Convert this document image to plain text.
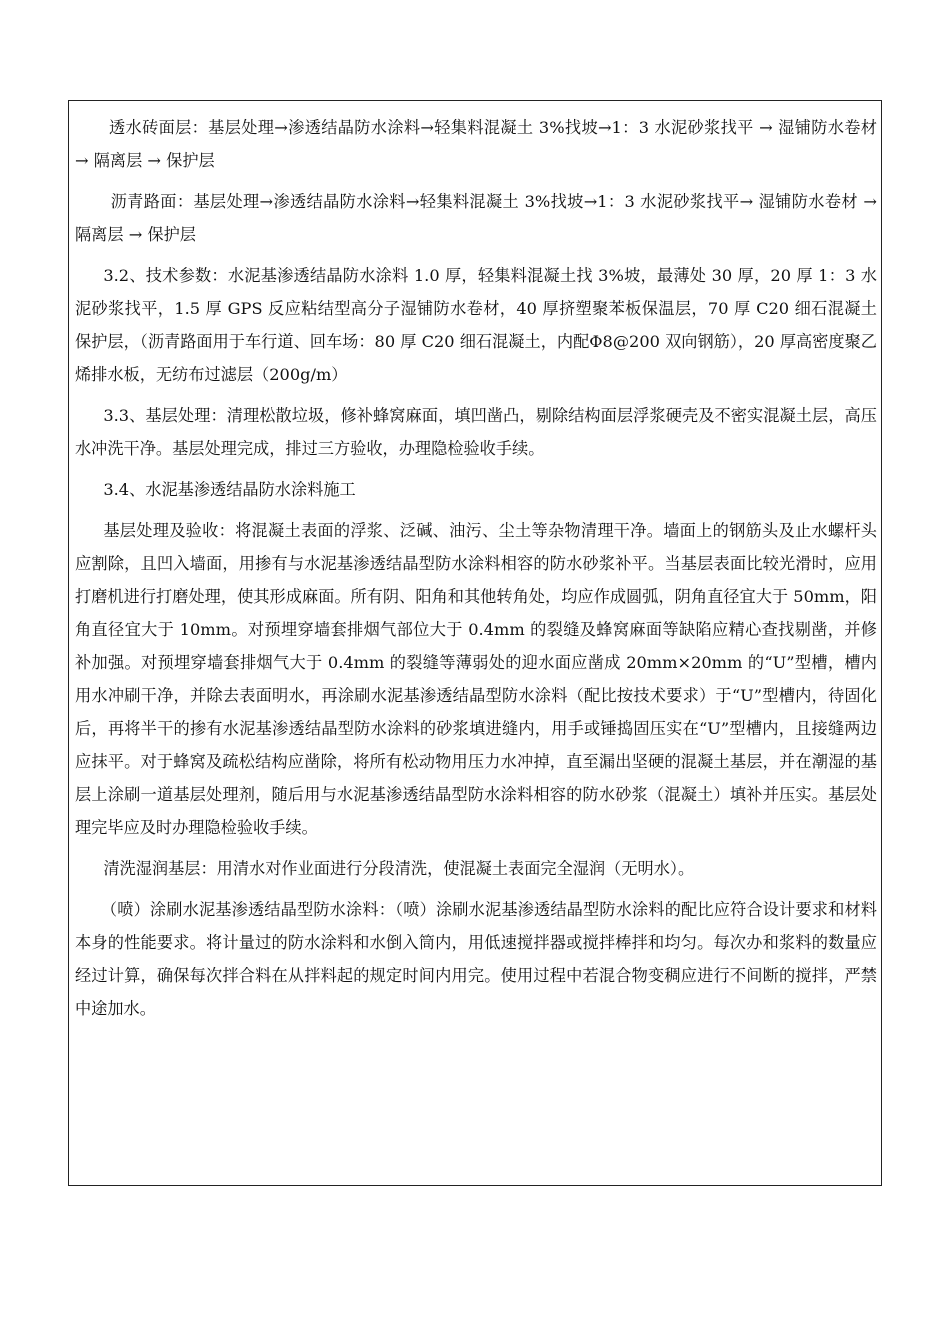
透水砖面层：基层处理→渗透结晶防水涂料→轻集料混凝土 3%找坡→1：3 水泥砂浆找平 → 湿铺防水卷材 → 隔离层 → 保护层

沥青路面：基层处理→渗透结晶防水涂料→轻集料混凝土 3%找坡→1：3 水泥砂浆找平→ 湿铺防水卷材 → 隔离层 → 保护层

3.2、技术参数：水泥基渗透结晶防水涂料 1.0 厚，轻集料混凝土找 3%坡，最薄处 30 厚，20 厚 1：3 水泥砂浆找平，1.5 厚 GPS 反应粘结型高分子湿铺防水卷材，40 厚挤塑聚苯板保温层，70 厚 C20 细石混凝土保护层，（沥青路面用于车行道、回车场：80 厚 C20 细石混凝土，内配Φ8@200 双向钢筋），20 厚高密度聚乙烯排水板，无纺布过滤层（200g/m）

3.3、基层处理：清理松散垃圾，修补蜂窝麻面，填凹凿凸，剔除结构面层浮浆硬壳及不密实混凝土层，高压水冲洗干净。基层处理完成，排过三方验收，办理隐检验收手续。

3.4、水泥基渗透结晶防水涂料施工

基层处理及验收：将混凝土表面的浮浆、泛碱、油污、尘土等杂物清理干净。墙面上的钢筋头及止水螺杆头应割除，且凹入墙面，用掺有与水泥基渗透结晶型防水涂料相容的防水砂浆补平。当基层表面比较光滑时，应用打磨机进行打磨处理，使其形成麻面。所有阴、阳角和其他转角处，均应作成圆弧，阴角直径宜大于 50mm，阳角直径宜大于 10mm。对预埋穿墙套排烟气部位大于 0.4mm 的裂缝及蜂窝麻面等缺陷应精心查找剔凿，并修补加强。对预埋穿墙套排烟气大于 0.4mm 的裂缝等薄弱处的迎水面应凿成 20mm×20mm 的“U”型槽，槽内用水冲刷干净，并除去表面明水，再涂刷水泥基渗透结晶型防水涂料（配比按技术要求）于“U”型槽内，待固化后，再将半干的掺有水泥基渗透结晶型防水涂料的砂浆填进缝内，用手或锤捣固压实在“U”型槽内，且接缝两边应抹平。对于蜂窝及疏松结构应凿除，将所有松动物用压力水冲掉，直至漏出坚硬的混凝土基层，并在潮湿的基层上涂刷一道基层处理剂，随后用与水泥基渗透结晶型防水涂料相容的防水砂浆（混凝土）填补并压实。基层处理完毕应及时办理隐检验收手续。

清洗湿润基层：用清水对作业面进行分段清洗，使混凝土表面完全湿润（无明水）。

（喷）涂刷水泥基渗透结晶型防水涂料：（喷）涂刷水泥基渗透结晶型防水涂料的配比应符合设计要求和材料本身的性能要求。将计量过的防水涂料和水倒入筒内，用低速搅拌器或搅拌棒拌和均匀。每次办和浆料的数量应经过计算，确保每次拌合料在从拌料起的规定时间内用完。使用过程中若混合物变稠应进行不间断的搅拌，严禁中途加水。
